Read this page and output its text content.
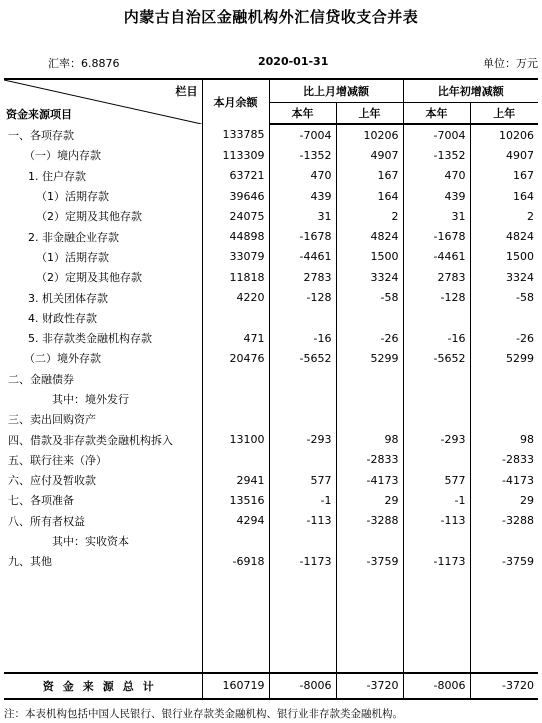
内蒙古自治区金融机构外汇信贷收支合并表
汇率：6.8876	2020-01-31	单位：万元
栏目
资金来源项目	本月余额	比上月增减额		比年初增减额	
		本年	上年	本年	上年
一、各项存款	133785	-7004	10206	-7004	10206
（一）境内存款	113309	-1352	4907	-1352	4907
1. 住户存款	63721	470	167	470	167
（1）活期存款	39646	439	164	439	164
（2）定期及其他存款	24075	31	2	31	2
2. 非金融企业存款	44898	-1678	4824	-1678	4824
（1）活期存款	33079	-4461	1500	-4461	1500
（2）定期及其他存款	11818	2783	3324	2783	3324
3. 机关团体存款	4220	-128	-58	-128	-58
4. 财政性存款					
5. 非存款类金融机构存款	471	-16	-26	-16	-26
（二）境外存款	20476	-5652	5299	-5652	5299
二、金融债券					
其中：境外发行					
三、卖出回购资产					
四、借款及非存款类金融机构拆入	13100	-293	98	-293	98
五、联行往来（净）			-2833		-2833
六、应付及暂收款	2941	577	-4173	577	-4173
七、各项准备	13516	-1	29	-1	29
八、所有者权益	4294	-113	-3288	-113	-3288
其中：实收资本					
九、其他	-6918	-1173	-3759	-1173	-3759

资金来源总计	160719	-8006	-3720	-8006	-3720
注：本表机构包括中国人民银行、银行业存款类金融机构、银行业非存款类金融机构。
